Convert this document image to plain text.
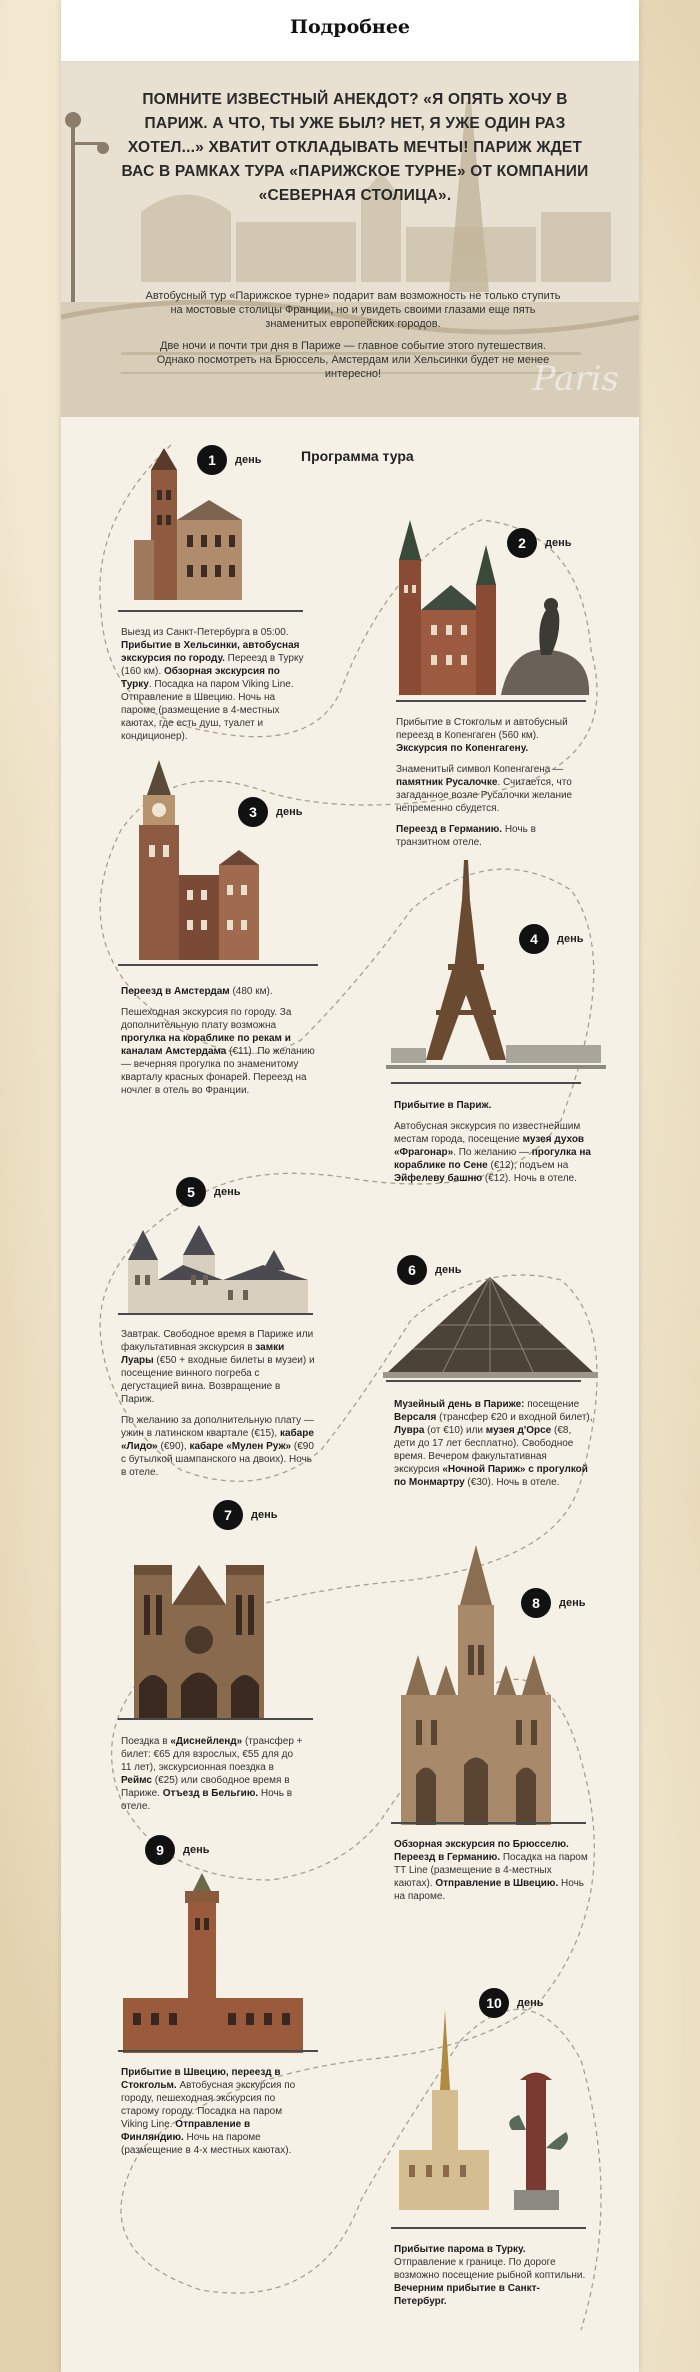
Подробнее
ПОМНИТЕ ИЗВЕСТНЫЙ АНЕКДОТ? «Я ОПЯТЬ ХОЧУ В ПАРИЖ. А ЧТО, ТЫ УЖЕ БЫЛ? НЕТ, Я УЖЕ ОДИН РАЗ ХОТЕЛ...» ХВАТИТ ОТКЛАДЫВАТЬ МЕЧТЫ! ПАРИЖ ЖДЕТ ВАС В РАМКАХ ТУРА «ПАРИЖСКОЕ ТУРНЕ» ОТ КОМПАНИИ «СЕВЕРНАЯ СТОЛИЦА».
Автобусный тур «Парижское турне» подарит вам возможность не только ступить на мостовые столицы Франции, но и увидеть своими глазами еще пять знаменитых европейских городов.
Две ночи и почти три дня в Париже — главное событие этого путешествия. Однако посмотреть на Брюссель, Амстердам или Хельсинки будет не менее интересно!	Paris
Программа тура
1	день

Выезд из Санкт-Петербурга в 05:00. Прибытие в Хельсинки, автобусная экскурсия по городу. Переезд в Турку (160 км). Обзорная экскурсия по Турку. Посадка на паром Viking Line. Отправление в Швецию. Ночь на пароме (размещение в 4-местных каютах, где есть душ, туалет и кондиционер).

2	день

Прибытие в Стокгольм и автобусный переезд в Копенгаген (560 км). Экскурсия по Копенгагену.

Знаменитый символ Копенгагена — памятник Русалочке. Считается, что загаданное возле Русалочки желание непременно сбудется.

Переезд в Германию. Ночь в транзитном отеле.

3	день

Переезд в Амстердам (480 км).

Пешеходная экскурсия по городу. За дополнительную плату возможна прогулка на кораблике по рекам и каналам Амстердама (€11). По желанию — вечерняя прогулка по знаменитому кварталу красных фонарей. Переезд на ночлег в отель во Франции.

4	день

Прибытие в Париж.

Автобусная экскурсия по известнейшим местам города, посещение музея духов «Фрагонар». По желанию — прогулка на кораблике по Сене (€12), подъем на Эйфелеву башню (€12). Ночь в отеле.

5	день

Завтрак. Свободное время в Париже или факультативная экскурсия в замки Луары (€50 + входные билеты в музеи) и посещение винного погреба с дегустацией вина. Возвращение в Париж.

По желанию за дополнительную плату — ужин в латинском квартале (€15), кабаре «Лидо» (€90), кабаре «Мулен Руж» (€90 с бутылкой шампанского на двоих). Ночь в отеле.

6	день

Музейный день в Париже: посещение Версаля (трансфер €20 и входной билет), Лувра (от €10) или музея д'Орсе (€8, дети до 17 лет бесплатно). Свободное время. Вечером факультативная экскурсия «Ночной Париж» с прогулкой по Монмартру (€30). Ночь в отеле.

7	день

Поездка в «Диснейленд» (трансфер + билет: €65 для взрослых, €55 для до 11 лет), экскурсионная поездка в Реймс (€25) или свободное время в Париже. Отъезд в Бельгию. Ночь в отеле.

8	день

Обзорная экскурсия по Брюсселю. Переезд в Германию. Посадка на паром TT Line (размещение в 4-местных каютах). Отправление в Швецию. Ночь на пароме.

9	день

Прибытие в Швецию, переезд в Стокгольм. Автобусная экскурсия по городу, пешеходная экскурсия по старому городу. Посадка на паром Viking Line. Отправление в Финляндию. Ночь на пароме (размещение в 4-х местных каютах).

10	день

Прибытие парома в Турку. Отправление к границе. По дороге возможно посещение рыбной коптильни. Вечерним прибытие в Санкт-Петербург.
